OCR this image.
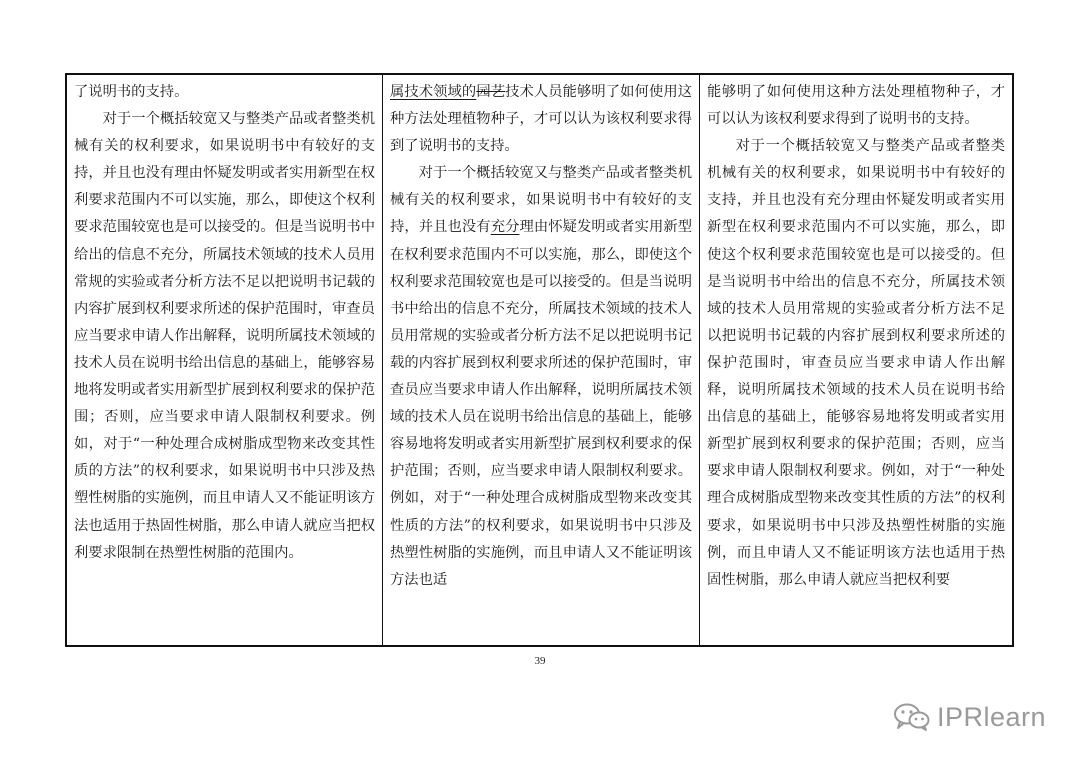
了说明书的支持。

对于一个概括较宽又与整类产品或者整类机械有关的权利要求，如果说明书中有较好的支持，并且也没有理由怀疑发明或者实用新型在权利要求范围内不可以实施，那么，即使这个权利要求范围较宽也是可以接受的。但是当说明书中给出的信息不充分，所属技术领域的技术人员用常规的实验或者分析方法不足以把说明书记载的内容扩展到权利要求所述的保护范围时，审查员应当要求申请人作出解释，说明所属技术领域的技术人员在说明书给出信息的基础上，能够容易地将发明或者实用新型扩展到权利要求的保护范围；否则，应当要求申请人限制权利要求。例如，对于“一种处理合成树脂成型物来改变其性质的方法”的权利要求，如果说明书中只涉及热塑性树脂的实施例，而且申请人又不能证明该方法也适用于热固性树脂，那么申请人就应当把权利要求限制在热塑性树脂的范围内。

属技术领域的园艺技术人员能够明了如何使用这种方法处理植物种子，才可以认为该权利要求得到了说明书的支持。

对于一个概括较宽又与整类产品或者整类机械有关的权利要求，如果说明书中有较好的支持，并且也没有充分理由怀疑发明或者实用新型在权利要求范围内不可以实施，那么，即使这个权利要求范围较宽也是可以接受的。但是当说明书中给出的信息不充分，所属技术领域的技术人员用常规的实验或者分析方法不足以把说明书记载的内容扩展到权利要求所述的保护范围时，审查员应当要求申请人作出解释，说明所属技术领域的技术人员在说明书给出信息的基础上，能够容易地将发明或者实用新型扩展到权利要求的保护范围；否则，应当要求申请人限制权利要求。例如，对于“一种处理合成树脂成型物来改变其性质的方法”的权利要求，如果说明书中只涉及热塑性树脂的实施例，而且申请人又不能证明该方法也适

能够明了如何使用这种方法处理植物种子，才可以认为该权利要求得到了说明书的支持。

对于一个概括较宽又与整类产品或者整类机械有关的权利要求，如果说明书中有较好的支持，并且也没有充分理由怀疑发明或者实用新型在权利要求范围内不可以实施，那么，即使这个权利要求范围较宽也是可以接受的。但是当说明书中给出的信息不充分，所属技术领域的技术人员用常规的实验或者分析方法不足以把说明书记载的内容扩展到权利要求所述的保护范围时，审查员应当要求申请人作出解释，说明所属技术领域的技术人员在说明书给出信息的基础上，能够容易地将发明或者实用新型扩展到权利要求的保护范围；否则，应当要求申请人限制权利要求。例如，对于“一种处理合成树脂成型物来改变其性质的方法”的权利要求，如果说明书中只涉及热塑性树脂的实施例，而且申请人又不能证明该方法也适用于热固性树脂，那么申请人就应当把权利要

39
IPRlearn
